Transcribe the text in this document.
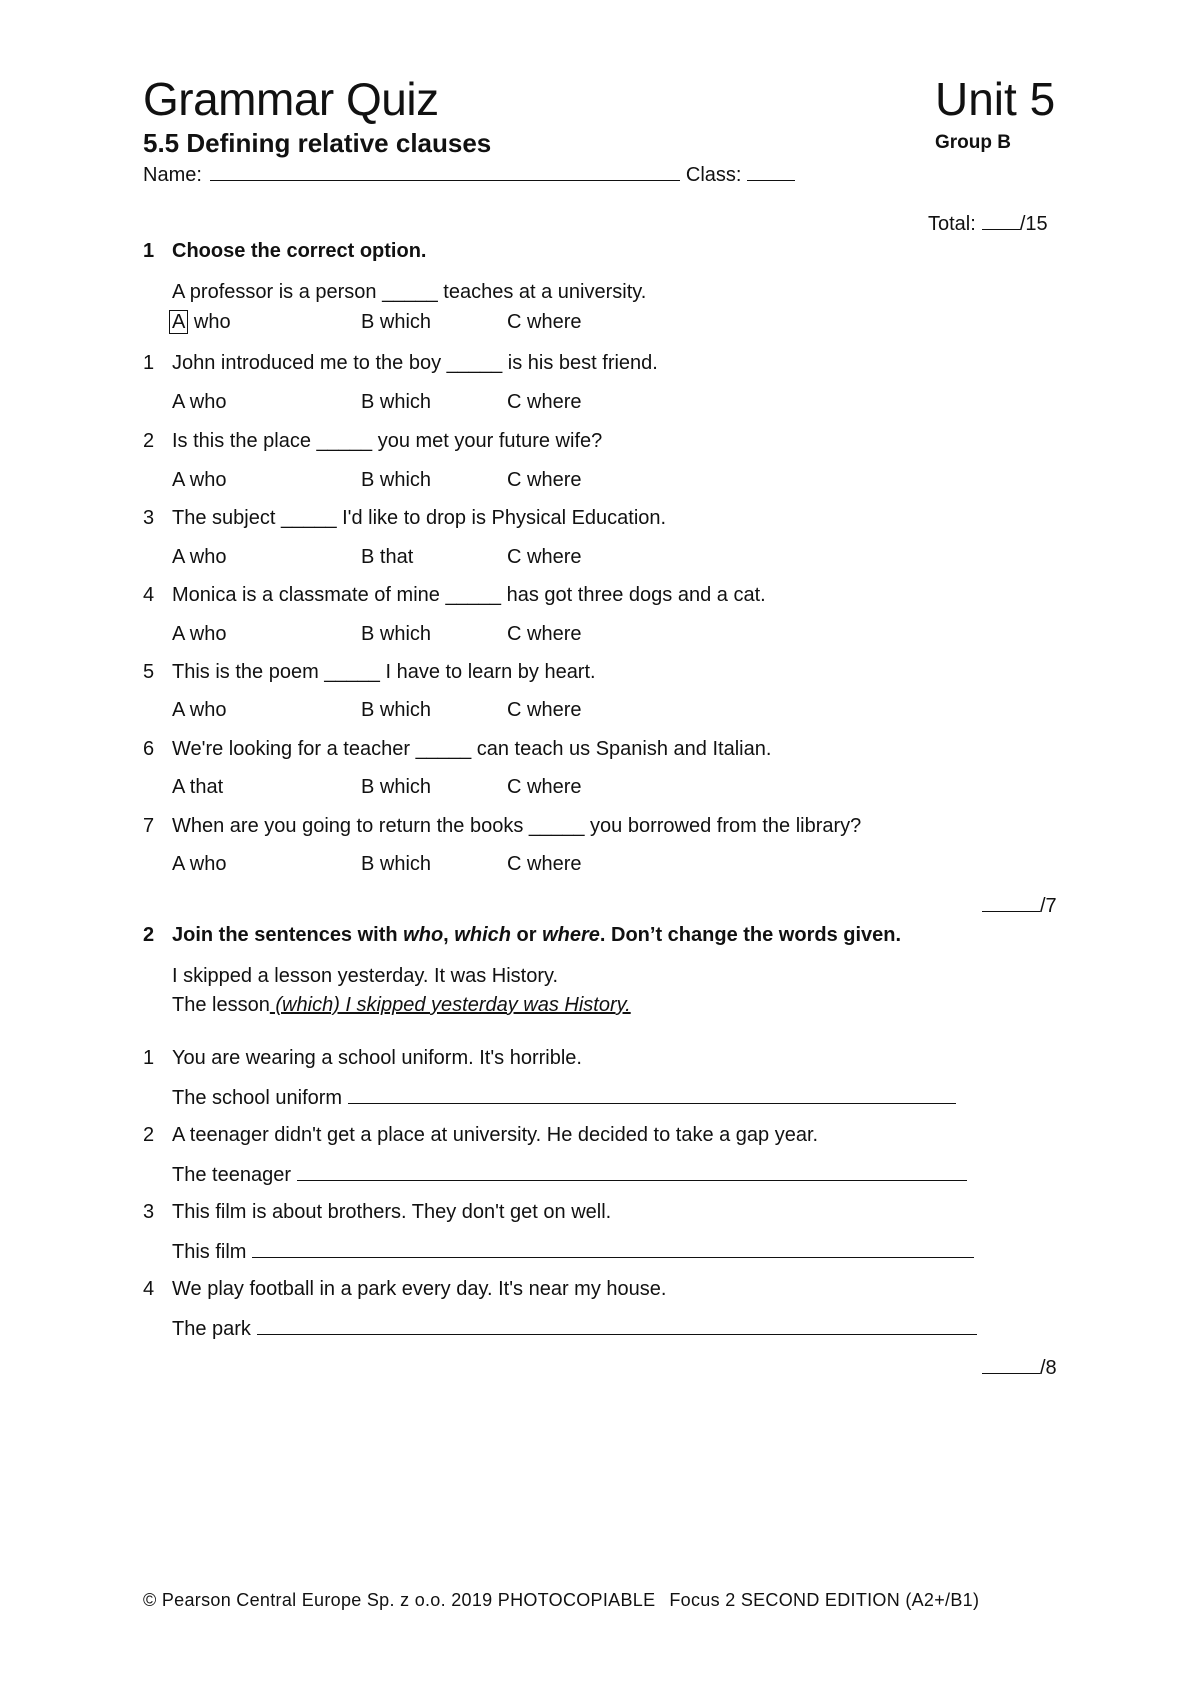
Grammar Quiz	Unit 5
5.5 Defining relative clauses	Group B
Name:	Class:
Total: /15
1 Choose the correct option.
A professor is a person _____ teaches at a university.
A who	B which	C where
1 John introduced me to the boy _____ is his best friend.
A who	B which	C where
2 Is this the place _____ you met your future wife?
A who	B which	C where
3 The subject _____ I'd like to drop is Physical Education.
A who	B that	C where
4 Monica is a classmate of mine _____ has got three dogs and a cat.
A who	B which	C where
5 This is the poem _____ I have to learn by heart.
A who	B which	C where
6 We're looking for a teacher _____ can teach us Spanish and Italian.
A that	B which	C where
7 When are you going to return the books _____ you borrowed from the library?
A who	B which	C where
/7
2 Join the sentences with who, which or where. Don’t change the words given.
I skipped a lesson yesterday. It was History.
The lesson (which) I skipped yesterday was History.
1 You are wearing a school uniform. It's horrible.
The school uniform
2 A teenager didn't get a place at university. He decided to take a gap year.
The teenager
3 This film is about brothers. They don't get on well.
This film
4 We play football in a park every day. It's near my house.
The park
/8
© Pearson Central Europe Sp. z o.o. 2019 PHOTOCOPIABLE Focus 2 SECOND EDITION (A2+/B1)
